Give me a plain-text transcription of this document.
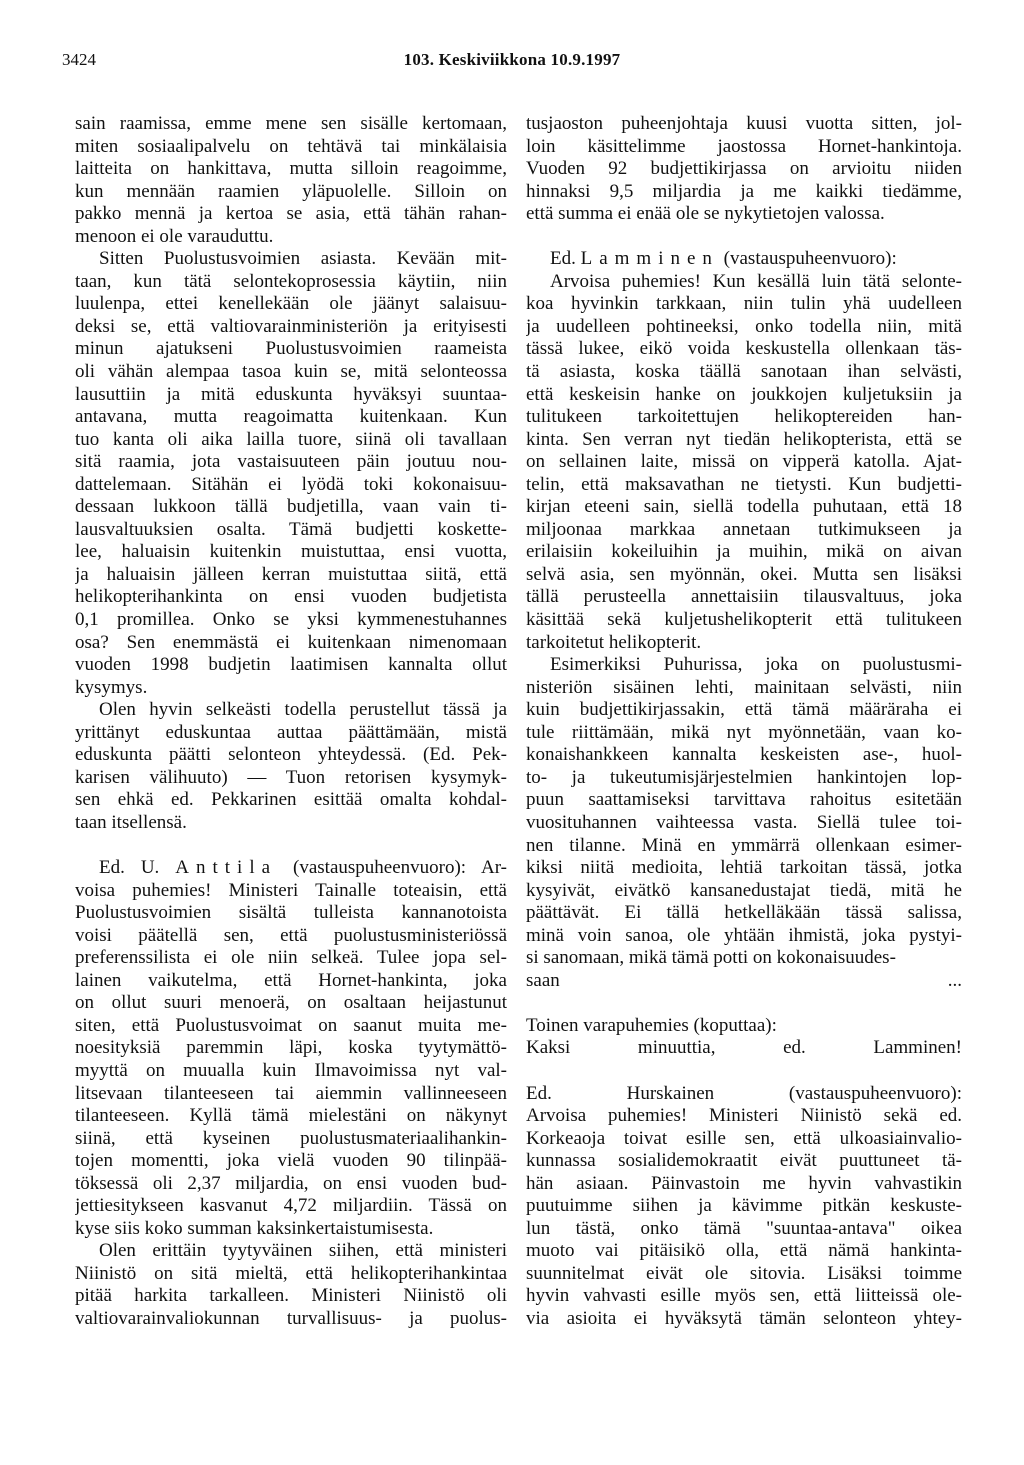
3424	103. Keskiviikkona 10.9.1997
sain raamissa, emme mene sen sisälle kertomaan,
miten sosiaalipalvelu on tehtävä tai minkälaisia
laitteita on hankittava, mutta silloin reagoimme,
kun mennään raamien yläpuolelle. Silloin on
pakko mennä ja kertoa se asia, että tähän rahan-
menoon ei ole varauduttu.
Sitten Puolustusvoimien asiasta. Kevään mit-
taan, kun tätä selontekoprosessia käytiin, niin
luulenpa, ettei kenellekään ole jäänyt salaisuu-
deksi se, että valtiovarainministeriön ja erityisesti
minun ajatukseni Puolustusvoimien raameista
oli vähän alempaa tasoa kuin se, mitä selonteossa
lausuttiin ja mitä eduskunta hyväksyi suuntaa-
antavana, mutta reagoimatta kuitenkaan. Kun
tuo kanta oli aika lailla tuore, siinä oli tavallaan
sitä raamia, jota vastaisuuteen päin joutuu nou-
dattelemaan. Sitähän ei lyödä toki kokonaisuu-
dessaan lukkoon tällä budjetilla, vaan vain ti-
lausvaltuuksien osalta. Tämä budjetti koskette-
lee, haluaisin kuitenkin muistuttaa, ensi vuotta,
ja haluaisin jälleen kerran muistuttaa siitä, että
helikopterihankinta on ensi vuoden budjetista
0,1 promillea. Onko se yksi kymmenestuhannes
osa? Sen enemmästä ei kuitenkaan nimenomaan
vuoden 1998 budjetin laatimisen kannalta ollut
kysymys.
Olen hyvin selkeästi todella perustellut tässä ja
yrittänyt eduskuntaa auttaa päättämään, mistä
eduskunta päätti selonteon yhteydessä. (Ed. Pek-
karisen välihuuto) — Tuon retorisen kysymyk-
sen ehkä ed. Pekkarinen esittää omalta kohdal-
taan itsellensä.
Ed. U. Anttila (vastauspuheenvuoro): Ar-
voisa puhemies! Ministeri Tainalle toteaisin, että
Puolustusvoimien sisältä tulleista kannanotoista
voisi päätellä sen, että puolustusministeriössä
preferenssilista ei ole niin selkeä. Tulee jopa sel-
lainen vaikutelma, että Hornet-hankinta, joka
on ollut suuri menoerä, on osaltaan heijastunut
siten, että Puolustusvoimat on saanut muita me-
noesityksiä paremmin läpi, koska tyytymättö-
myyttä on muualla kuin Ilmavoimissa nyt val-
litsevaan tilanteeseen tai aiemmin vallinneeseen
tilanteeseen. Kyllä tämä mielestäni on näkynyt
siinä, että kyseinen puolustusmateriaalihankin-
tojen momentti, joka vielä vuoden 90 tilinpää-
töksessä oli 2,37 miljardia, on ensi vuoden bud-
jettiesitykseen kasvanut 4,72 miljardiin. Tässä on
kyse siis koko summan kaksinkertaistumisesta.
Olen erittäin tyytyväinen siihen, että ministeri
Niinistö on sitä mieltä, että helikopterihankintaa
pitää harkita tarkalleen. Ministeri Niinistö oli
valtiovarainvaliokunnan turvallisuus- ja puolus-
tusjaoston puheenjohtaja kuusi vuotta sitten, jol-
loin käsittelimme jaostossa Hornet-hankintoja.
Vuoden 92 budjettikirjassa on arvioitu niiden
hinnaksi 9,5 miljardia ja me kaikki tiedämme,
että summa ei enää ole se nykytietojen valossa.
Ed. Lamminen (vastauspuheenvuoro):
Arvoisa puhemies! Kun kesällä luin tätä selonte-
koa hyvinkin tarkkaan, niin tulin yhä uudelleen
ja uudelleen pohtineeksi, onko todella niin, mitä
tässä lukee, eikö voida keskustella ollenkaan täs-
tä asiasta, koska täällä sanotaan ihan selvästi,
että keskeisin hanke on joukkojen kuljetuksiin ja
tulitukeen tarkoitettujen helikoptereiden han-
kinta. Sen verran nyt tiedän helikopterista, että se
on sellainen laite, missä on vipperä katolla. Ajat-
telin, että maksavathan ne tietysti. Kun budjetti-
kirjan eteeni sain, siellä todella puhutaan, että 18
miljoonaa markkaa annetaan tutkimukseen ja
erilaisiin kokeiluihin ja muihin, mikä on aivan
selvä asia, sen myönnän, okei. Mutta sen lisäksi
tällä perusteella annettaisiin tilausvaltuus, joka
käsittää sekä kuljetushelikopterit että tulitukeen
tarkoitetut helikopterit.
Esimerkiksi Puhurissa, joka on puolustusmi-
nisteriön sisäinen lehti, mainitaan selvästi, niin
kuin budjettikirjassakin, että tämä määräraha ei
tule riittämään, mikä nyt myönnetään, vaan ko-
konaishankkeen kannalta keskeisten ase-, huol-
to- ja tukeutumisjärjestelmien hankintojen lop-
puun saattamiseksi tarvittava rahoitus esitetään
vuosituhannen vaihteessa vasta. Siellä tulee toi-
nen tilanne. Minä en ymmärrä ollenkaan esimer-
kiksi niitä medioita, lehtiä tarkoitan tässä, jotka
kysyivät, eivätkö kansanedustajat tiedä, mitä he
päättävät. Ei tällä hetkelläkään tässä salissa,
minä voin sanoa, ole yhtään ihmistä, joka pystyi-
si sanomaan, mikä tämä potti on kokonaisuudes-
saan ...
Toinen varapuhemies (koputtaa):
Kaksi minuuttia, ed. Lamminen!
Ed. Hurskainen (vastauspuheenvuoro):
Arvoisa puhemies! Ministeri Niinistö sekä ed.
Korkeaoja toivat esille sen, että ulkoasiainvalio-
kunnassa sosialidemokraatit eivät puuttuneet tä-
hän asiaan. Päinvastoin me hyvin vahvastikin
puutuimme siihen ja kävimme pitkän keskuste-
lun tästä, onko tämä "suuntaa-antava" oikea
muoto vai pitäisikö olla, että nämä hankinta-
suunnitelmat eivät ole sitovia. Lisäksi toimme
hyvin vahvasti esille myös sen, että liitteissä ole-
via asioita ei hyväksytä tämän selonteon yhtey-
